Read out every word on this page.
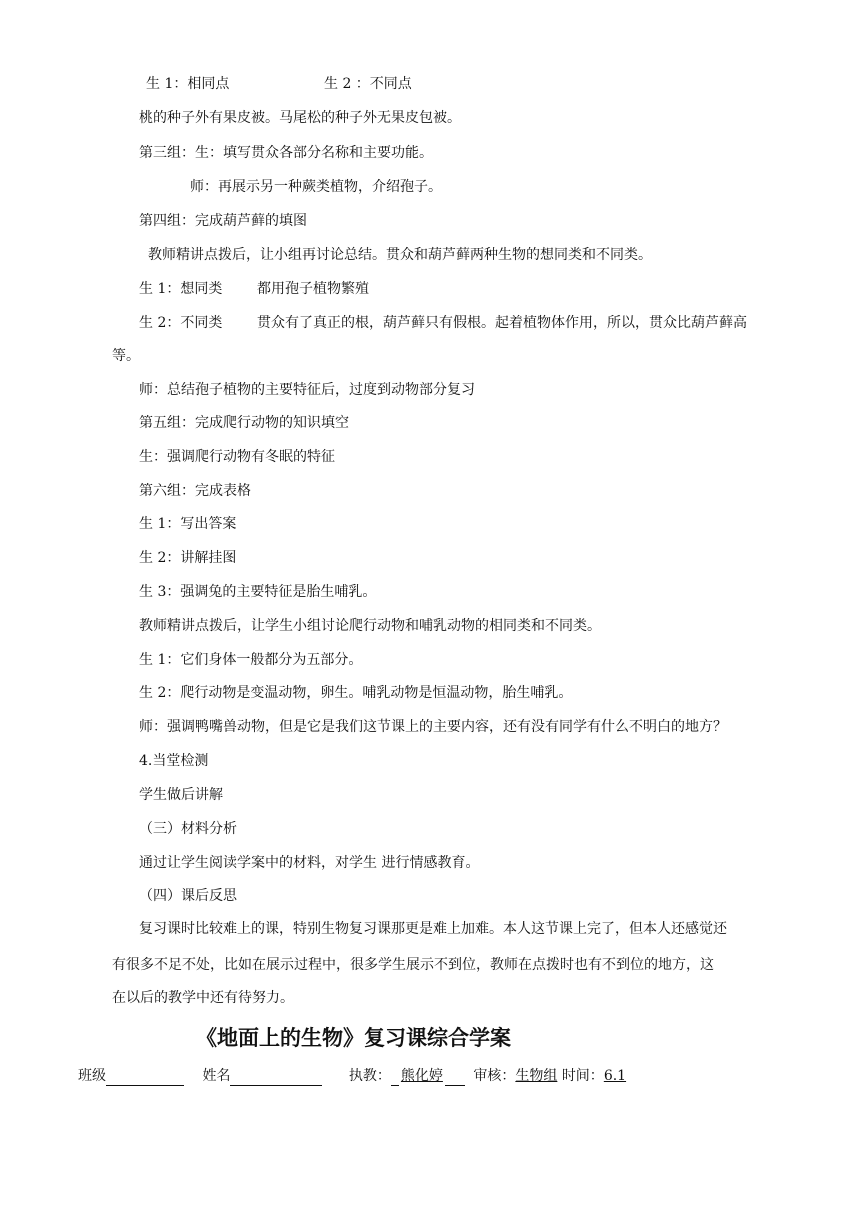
生 1：相同点	生 2 ：不同点
桃的种子外有果皮被。马尾松的种子外无果皮包被。
第三组：生：填写贯众各部分名称和主要功能。
师：再展示另一种蕨类植物，介绍孢子。
第四组：完成葫芦藓的填图
教师精讲点拨后，让小组再讨论总结。贯众和葫芦藓两种生物的想同类和不同类。
生 1：想同类 都用孢子植物繁殖
生 2：不同类 贯众有了真正的根，葫芦藓只有假根。起着植物体作用，所以，贯众比葫芦藓高
等。
师：总结孢子植物的主要特征后，过度到动物部分复习
第五组：完成爬行动物的知识填空
生：强调爬行动物有冬眠的特征
第六组：完成表格
生 1：写出答案
生 2：讲解挂图
生 3：强调兔的主要特征是胎生哺乳。
教师精讲点拨后，让学生小组讨论爬行动物和哺乳动物的相同类和不同类。
生 1：它们身体一般都分为五部分。
生 2：爬行动物是变温动物，卵生。哺乳动物是恒温动物，胎生哺乳。
师：强调鸭嘴兽动物，但是它是我们这节课上的主要内容，还有没有同学有什么不明白的地方？
4.当堂检测
学生做后讲解
（三）材料分析
通过让学生阅读学案中的材料，对学生 进行情感教育。
（四）课后反思
复习课时比较难上的课，特别生物复习课那更是难上加难。本人这节课上完了，但本人还感觉还
有很多不足不处，比如在展示过程中，很多学生展示不到位，教师在点拨时也有不到位的地方，这
在以后的教学中还有待努力。
《地面上的生物》复习课综合学案
班级	姓名	执教： 熊化婷 审核：生物组 时间：6.1
